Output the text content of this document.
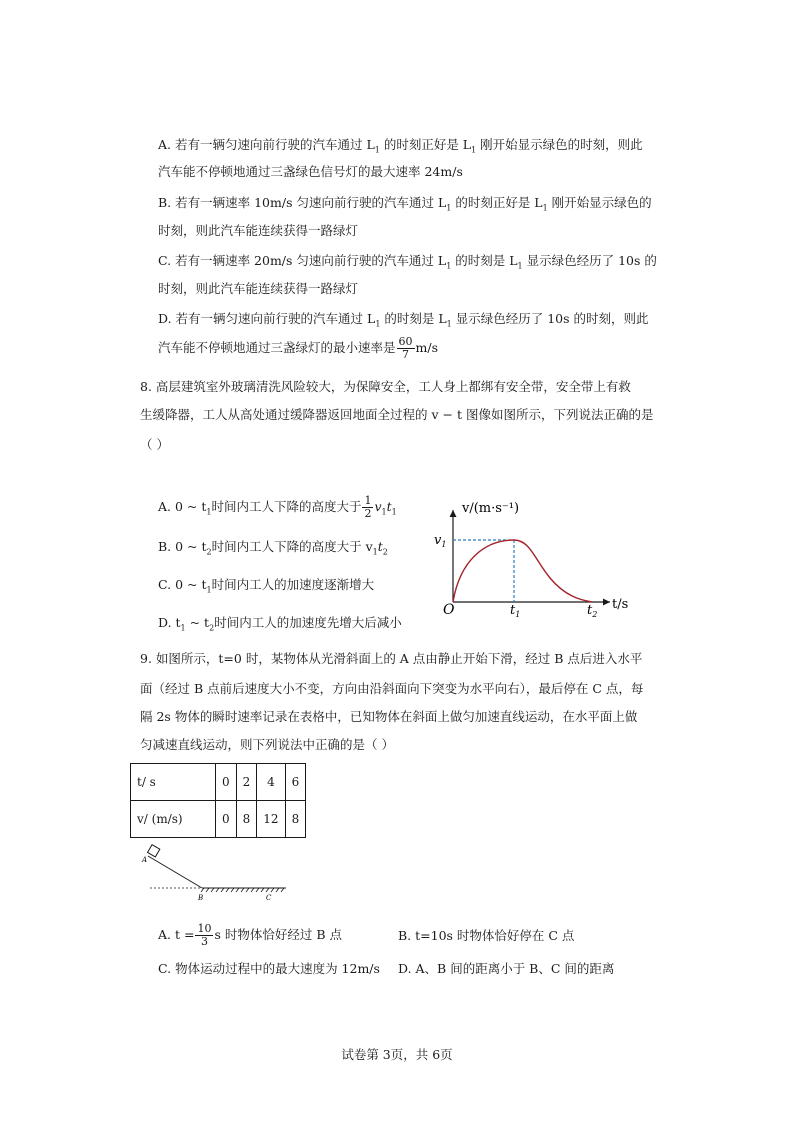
A. 若有一辆匀速向前行驶的汽车通过 $L_1$ 的时刻正好是 $L_1$ 刚开始显示绿色的时刻，则此
汽车能不停顿地通过三盏绿色信号灯的最大速率 24m/s
B. 若有一辆速率 10m/s 匀速向前行驶的汽车通过 $L_1$ 的时刻正好是 $L_1$ 刚开始显示绿色的
时刻，则此汽车能连续获得一路绿灯
C. 若有一辆速率 20m/s 匀速向前行驶的汽车通过 $L_1$ 的时刻是 $L_1$ 显示绿色经历了 10s 的
时刻，则此汽车能连续获得一路绿灯
D. 若有一辆匀速向前行驶的汽车通过 $L_1$ 的时刻是 $L_1$ 显示绿色经历了 10s 的时刻，则此
汽车能不停顿地通过三盏绿灯的最小速率是 $\frac{60}{7} m/s$
8. 高层建筑室外玻璃清洗风险较大，为保障安全，工人身上都绑有安全带，安全带上有救
生缓降器，工人从高处通过缓降器返回地面全过程的 v − t 图像如图所示，下列说法正确的是
（ ）
A. 0 ~ $t_1$时间内工人下降的高度大于 $\frac{1}{2} v_1t_1$
B. 0 ~ $t_2$时间内工人下降的高度大于 $v_1t_2$
C. 0 ~ $t_1$时间内工人的加速度逐渐增大
D. $t_1$ ~ $t_2$时间内工人的加速度先增大后减小
v/(m·s⁻¹)
$v_1$
O	$t_1$	$t_2$
t/s
9. 如图所示，t=0 时，某物体从光滑斜面上的 A 点由静止开始下滑，经过 B 点后进入水平
面（经过 B 点前后速度大小不变，方向由沿斜面向下突变为水平向右），最后停在 C 点，每
隔 2s 物体的瞬时速率记录在表格中，已知物体在斜面上做匀加速直线运动，在水平面上做
匀减速直线运动，则下列说法中正确的是（ ）
t/ s	0	2	4	6
v/ (m/s)	0	8	12	8
A
B	C
A. $t = \frac{10}{3}$ s 时物体恰好经过 B 点	B. t=10s 时物体恰好停在 C 点
C. 物体运动过程中的最大速度为 12m/s D. A、B 间的距离小于 B、C 间的距离
试卷第 3页，共 6页
